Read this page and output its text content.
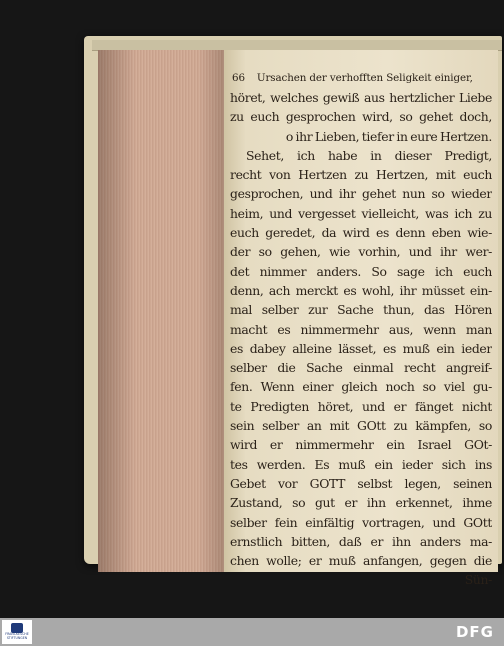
66 Ursachen der verhofften Seligkeit einiger,
höret, welches gewiß aus hertzlicher Liebe
zu euch gesprochen wird, so gehet doch,
o ihr Lieben, tiefer in eure Hertzen.
Sehet, ich habe in dieser Predigt,
recht von Hertzen zu Hertzen, mit euch
gesprochen, und ihr gehet nun so wieder
heim, und vergesset vielleicht, was ich zu
euch geredet, da wird es denn eben wie-
der so gehen, wie vorhin, und ihr wer-
det nimmer anders. So sage ich euch
denn, ach merckt es wohl, ihr müsset ein-
mal selber zur Sache thun, das Hören
macht es nimmermehr aus, wenn man
es dabey alleine lässet, es muß ein ieder
selber die Sache einmal recht angreif-
fen. Wenn einer gleich noch so viel gu-
te Predigten höret, und er fänget nicht
sein selber an mit GOtt zu kämpfen, so
wird er nimmermehr ein Israel GOt-
tes werden. Es muß ein ieder sich ins
Gebet vor GOTT selbst legen, seinen
Zustand, so gut er ihn erkennet, ihme
selber fein einfältig vortragen, und GOtt
ernstlich bitten, daß er ihn anders ma-
chen wolle; er muß anfangen, gegen die
Sün-
FRANCKESCHE STIFTUNGEN	DFG
